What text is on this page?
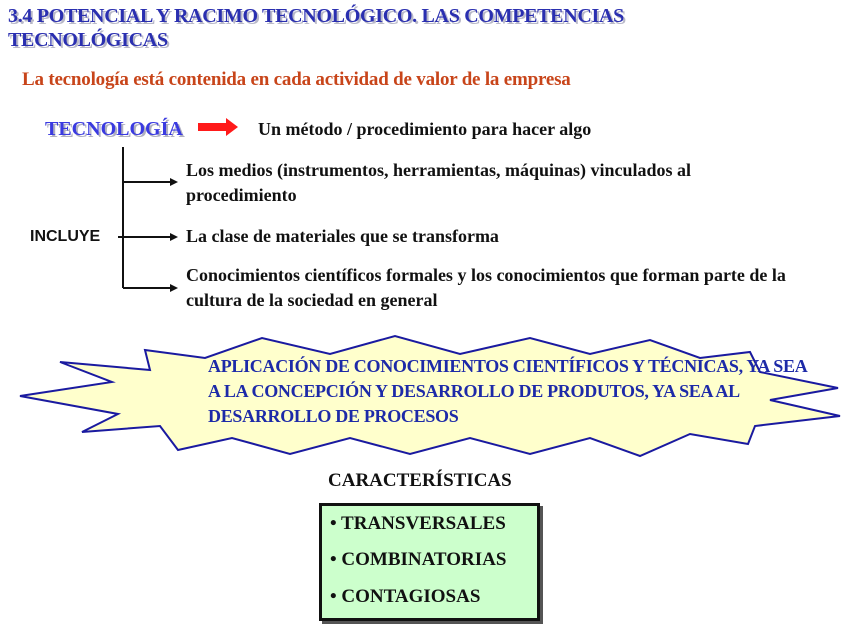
3.4 POTENCIAL Y RACIMO TECNOLÓGICO. LAS COMPETENCIAS TECNOLÓGICAS
La tecnología está contenida en cada actividad de valor de la empresa
TECNOLOGÍA	Un método / procedimiento para hacer algo
INCLUYE
Los medios (instrumentos, herramientas, máquinas) vinculados al procedimiento
La clase de materiales que se transforma
Conocimientos científicos formales y los conocimientos que forman parte de la cultura de la sociedad en general
APLICACIÓN DE CONOCIMIENTOS CIENTÍFICOS Y TÉCNICAS, YA SEA A LA CONCEPCIÓN Y DESARROLLO DE PRODUTOS, YA SEA AL DESARROLLO DE PROCESOS
CARACTERÍSTICAS
• TRANSVERSALES
• COMBINATORIAS
• CONTAGIOSAS
